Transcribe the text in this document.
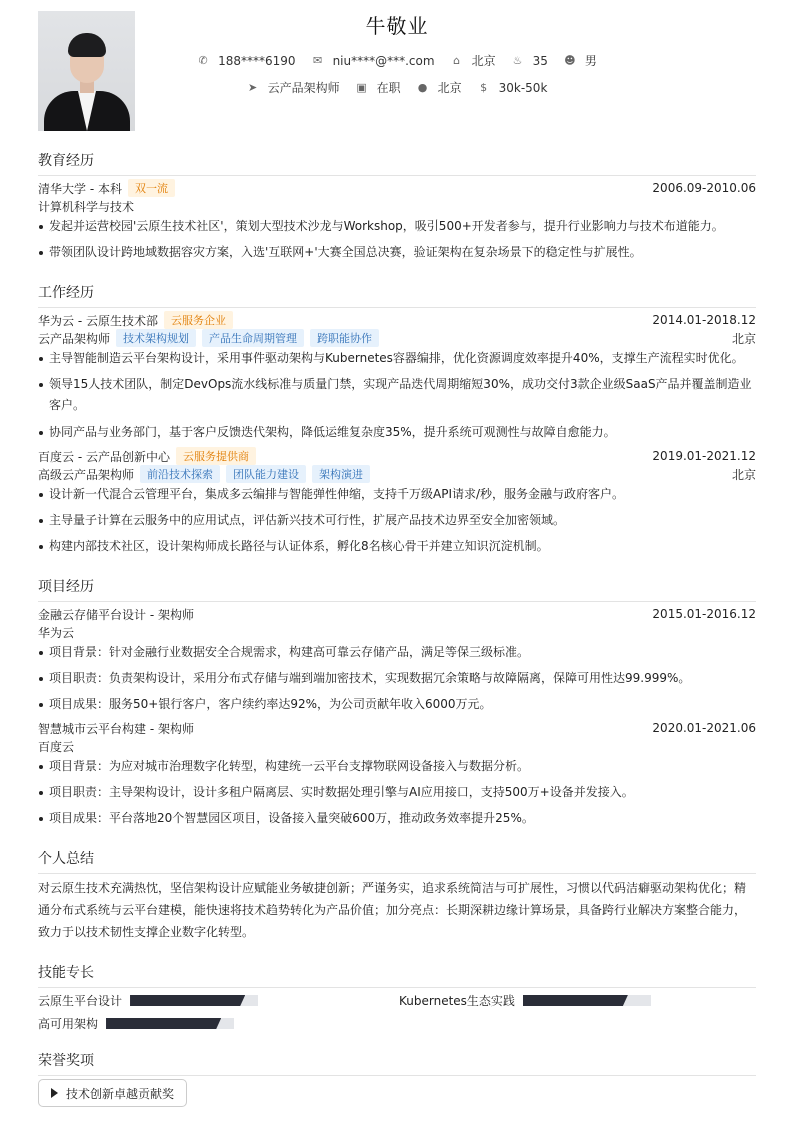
牛敬业
✆ 188****6190 ✉ niu****@***.com ⌂ 北京 ♨ 35 ☻ 男
➤ 云产品架构师 ▣ 在职 ● 北京 $ 30k-50k
教育经历
清华大学 - 本科	双一流	2006.09-2010.06
计算机科学与技术
发起并运营校园'云原生技术社区'，策划大型技术沙龙与Workshop，吸引500+开发者参与，提升行业影响力与技术布道能力。
带领团队设计跨地域数据容灾方案，入选'互联网+'大赛全国总决赛，验证架构在复杂场景下的稳定性与扩展性。
工作经历
华为云 - 云原生技术部	云服务企业	2014.01-2018.12
云产品架构师	技术架构规划	产品生命周期管理	跨职能协作	北京
主导智能制造云平台架构设计，采用事件驱动架构与Kubernetes容器编排，优化资源调度效率提升40%，支撑生产流程实时优化。
领导15人技术团队，制定DevOps流水线标准与质量门禁，实现产品迭代周期缩短30%，成功交付3款企业级SaaS产品并覆盖制造业客户。
协同产品与业务部门，基于客户反馈迭代架构，降低运维复杂度35%，提升系统可观测性与故障自愈能力。
百度云 - 云产品创新中心	云服务提供商	2019.01-2021.12
高级云产品架构师	前沿技术探索	团队能力建设	架构演进	北京
设计新一代混合云管理平台，集成多云编排与智能弹性伸缩，支持千万级API请求/秒，服务金融与政府客户。
主导量子计算在云服务中的应用试点，评估新兴技术可行性，扩展产品技术边界至安全加密领域。
构建内部技术社区，设计架构师成长路径与认证体系，孵化8名核心骨干并建立知识沉淀机制。
项目经历
金融云存储平台设计 - 架构师	2015.01-2016.12
华为云
项目背景：针对金融行业数据安全合规需求，构建高可靠云存储产品，满足等保三级标准。
项目职责：负责架构设计，采用分布式存储与端到端加密技术，实现数据冗余策略与故障隔离，保障可用性达99.999%。
项目成果：服务50+银行客户，客户续约率达92%，为公司贡献年收入6000万元。
智慧城市云平台构建 - 架构师	2020.01-2021.06
百度云
项目背景：为应对城市治理数字化转型，构建统一云平台支撑物联网设备接入与数据分析。
项目职责：主导架构设计，设计多租户隔离层、实时数据处理引擎与AI应用接口，支持500万+设备并发接入。
项目成果：平台落地20个智慧园区项目，设备接入量突破600万，推动政务效率提升25%。
个人总结
对云原生技术充满热忱，坚信架构设计应赋能业务敏捷创新；严谨务实，追求系统简洁与可扩展性，习惯以代码洁癖驱动架构优化；精
通分布式系统与云平台建模，能快速将技术趋势转化为产品价值；加分亮点：长期深耕边缘计算场景，具备跨行业解决方案整合能力，
致力于以技术韧性支撑企业数字化转型。
技能专长
云原生平台设计	Kubernetes生态实践
高可用架构
荣誉奖项
技术创新卓越贡献奖
